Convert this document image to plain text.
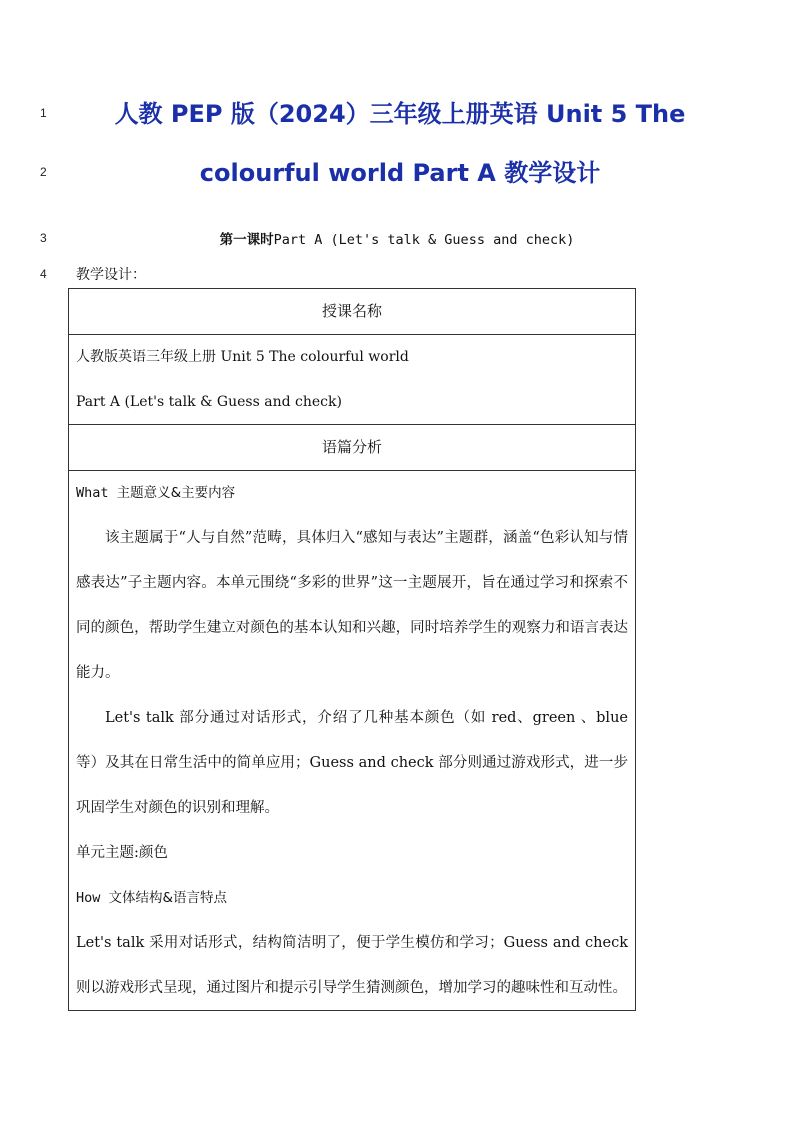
1
2
3
4
人教 PEP 版（2024）三年级上册英语 Unit 5 The
colourful world Part A 教学设计
第一课时Part A (Let's talk & Guess and check)
教学设计：
授课名称

人教版英语三年级上册 Unit 5 The colourful world

Part A (Let's talk & Guess and check)

语篇分析

What 主题意义&主要内容

该主题属于“人与自然”范畴，具体归入“感知与表达”主题群，涵盖“色彩认知与情感表达”子主题内容。本单元围绕“多彩的世界”这一主题展开，旨在通过学习和探索不同的颜色，帮助学生建立对颜色的基本认知和兴趣，同时培养学生的观察力和语言表达能力。

Let's talk 部分通过对话形式，介绍了几种基本颜色（如 red、green 、blue 等）及其在日常生活中的简单应用；Guess and check 部分则通过游戏形式，进一步巩固学生对颜色的识别和理解。

单元主题:颜色

How 文体结构&语言特点

Let's talk 采用对话形式，结构简洁明了，便于学生模仿和学习；Guess and check 则以游戏形式呈现，通过图片和提示引导学生猜测颜色，增加学习的趣味性和互动性。
